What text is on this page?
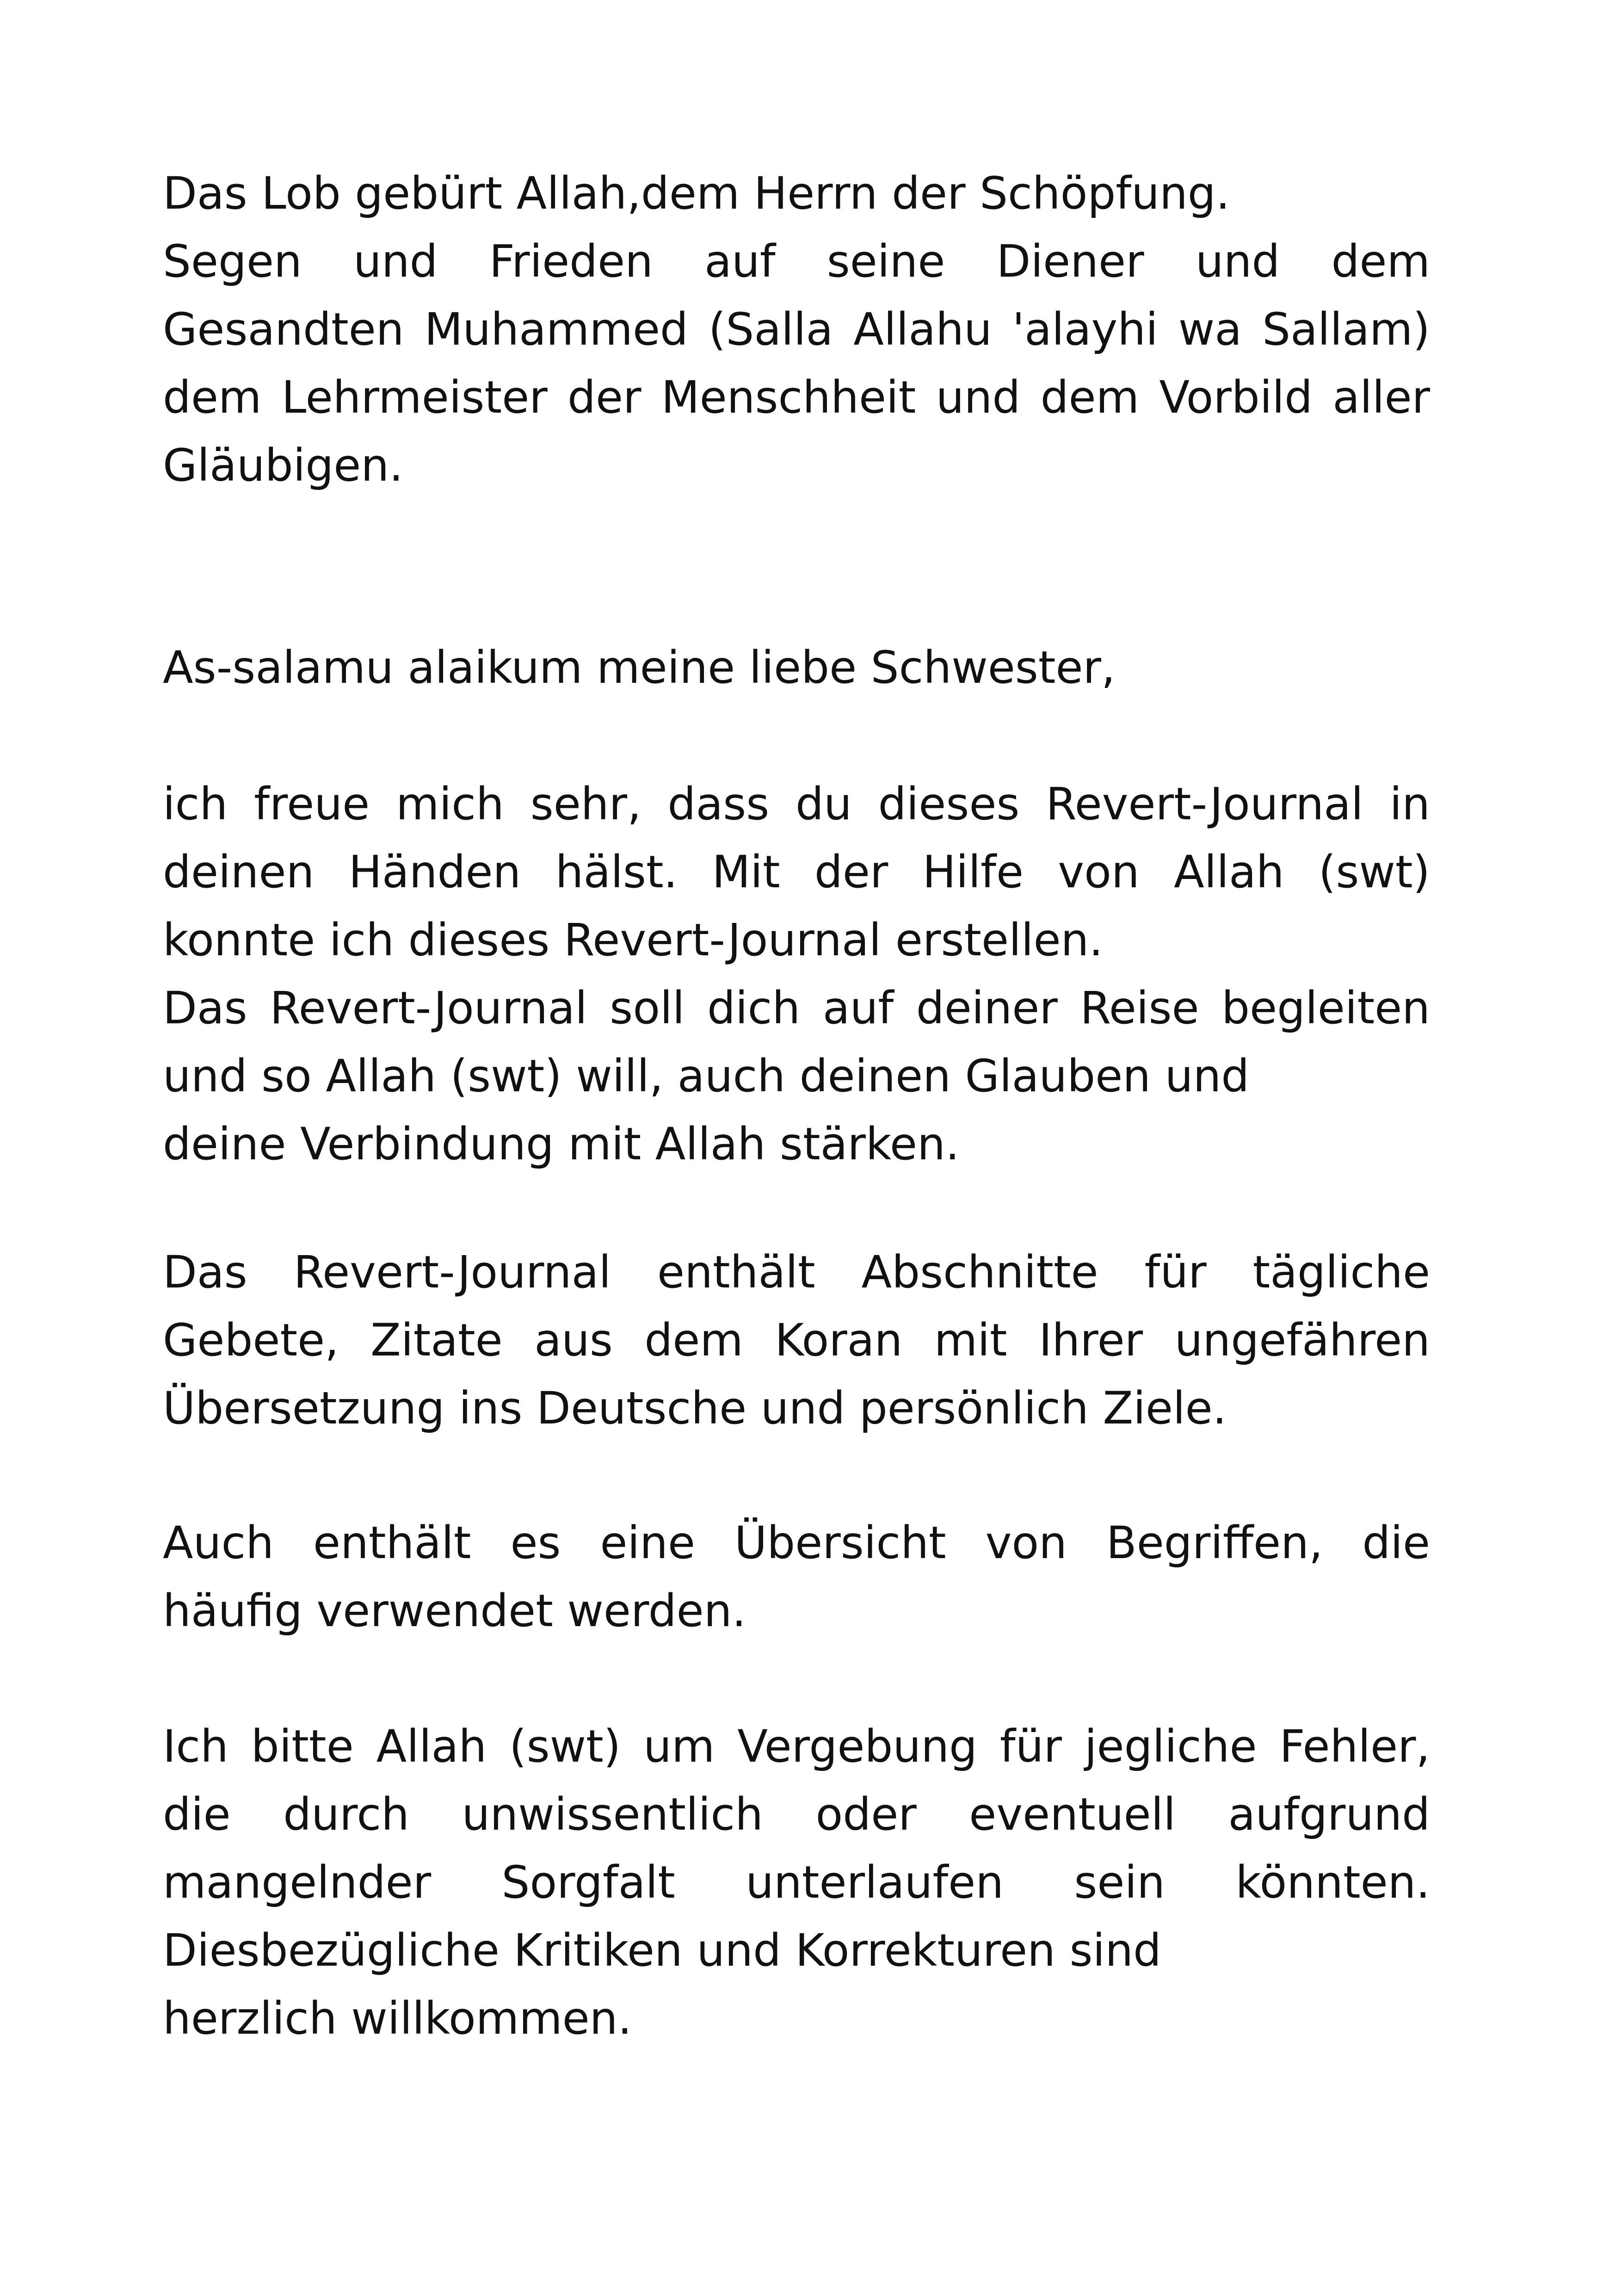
Das Lob gebürt Allah,dem Herrn der Schöpfung.
Segen und Frieden auf seine Diener und dem
Gesandten Muhammed (Salla Allahu 'alayhi wa Sallam)
dem Lehrmeister der Menschheit und dem Vorbild aller
Gläubigen.
As-salamu alaikum meine liebe Schwester,
ich freue mich sehr, dass du dieses Revert-Journal in
deinen Händen hälst. Mit der Hilfe von Allah (swt)
konnte ich dieses Revert-Journal erstellen.
Das Revert-Journal soll dich auf deiner Reise begleiten
und so Allah (swt) will, auch deinen Glauben und
deine Verbindung mit Allah stärken.
Das Revert-Journal enthält Abschnitte für tägliche
Gebete, Zitate aus dem Koran mit Ihrer ungefähren
Übersetzung ins Deutsche und persönlich Ziele.
Auch enthält es eine Übersicht von Begriffen, die
häufig verwendet werden.
Ich bitte Allah (swt) um Vergebung für jegliche Fehler,
die durch unwissentlich oder eventuell aufgrund
mangelnder Sorgfalt unterlaufen sein könnten.
Diesbezügliche Kritiken und Korrekturen sind
herzlich willkommen.
